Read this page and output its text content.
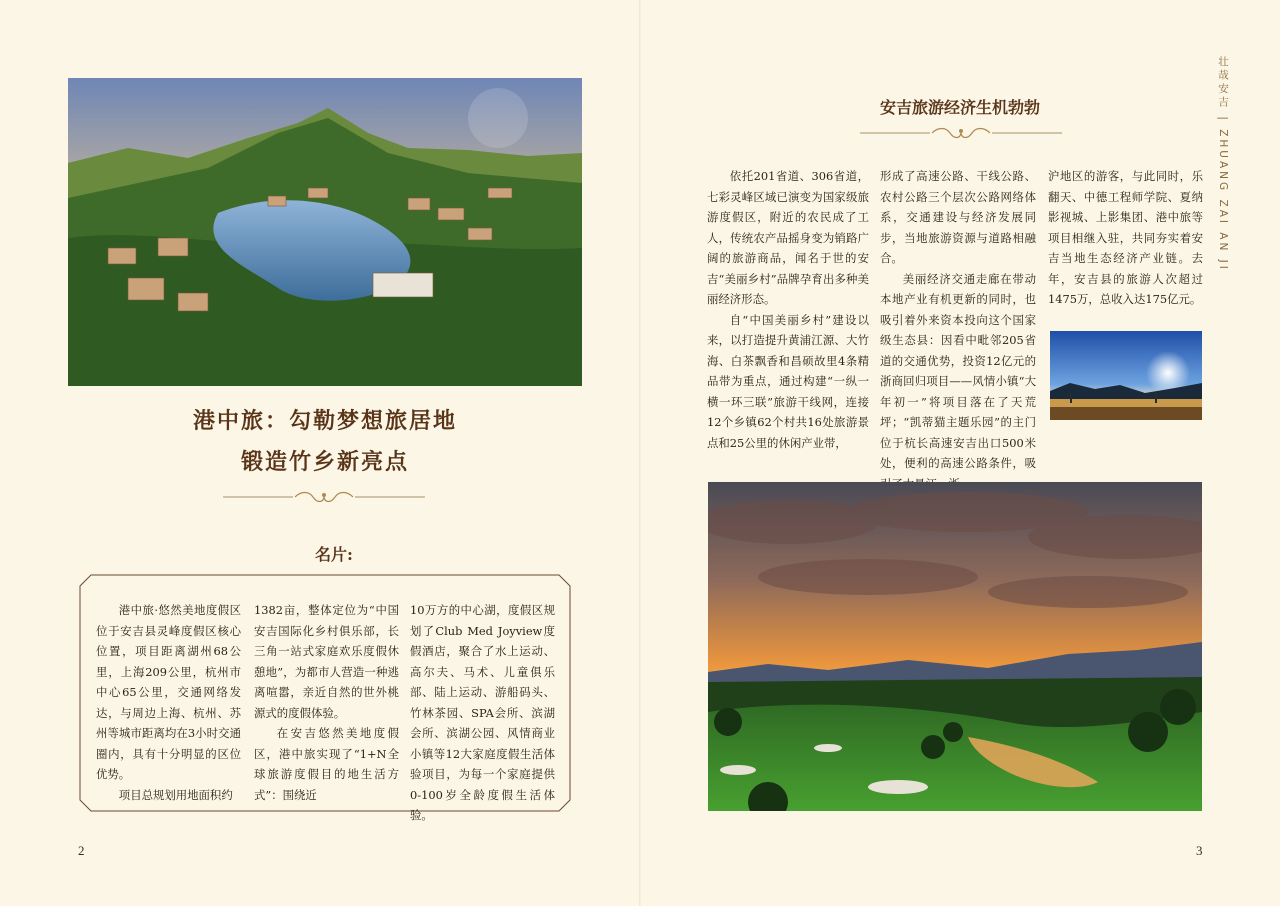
港中旅：勾勒梦想旅居地
锻造竹乡新亮点
名片:

港中旅·悠然美地度假区位于安吉县灵峰度假区核心位置，项目距离湖州68公里，上海209公里，杭州市中心65公里，交通网络发达，与周边上海、杭州、苏州等城市距离均在3小时交通圈内，具有十分明显的区位优势。

项目总规划用地面积约

1382亩，整体定位为“中国安吉国际化乡村俱乐部，长三角一站式家庭欢乐度假休憩地”，为都市人营造一种逃离喧嚣，亲近自然的世外桃源式的度假体验。

在安吉悠然美地度假区，港中旅实现了“1+N全球旅游度假目的地生活方式”：围绕近

10万方的中心湖，度假区规划了Club Med Joyview度假酒店，聚合了水上运动、高尔夫、马术、儿童俱乐部、陆上运动、游船码头、竹林茶园、SPA会所、滨湖会所、滨湖公园、风情商业小镇等12大家庭度假生活体验项目，为每一个家庭提供0-100岁全龄度假生活体验。

2
安吉旅游经济生机勃勃

依托201省道、306省道，七彩灵峰区域已演变为国家级旅游度假区，附近的农民成了工人，传统农产品摇身变为销路广阔的旅游商品，闻名于世的安吉“美丽乡村”品牌孕育出多种美丽经济形态。

自“中国美丽乡村”建设以来，以打造提升黄浦江源、大竹海、白茶飘香和昌硕故里4条精品带为重点，通过构建“一纵一横一环三联”旅游干线网，连接12个乡镇62个村共16处旅游景点和25公里的休闲产业带，

形成了高速公路、干线公路、农村公路三个层次公路网络体系，交通建设与经济发展同步，当地旅游资源与道路相融合。

美丽经济交通走廊在带动本地产业有机更新的同时，也吸引着外来资本投向这个国家级生态县：因看中毗邻205省道的交通优势，投资12亿元的浙商回归项目——风情小镇“大年初一”将项目落在了天荒坪；“凯蒂猫主题乐园”的主门位于杭长高速安吉出口500米处，便利的高速公路条件，吸

沪地区的游客，与此同时，乐翻天、中德工程师学院、夏纳影视城、上影集团、港中旅等项目相继入驻，共同夯实着安吉当地生态经济产业链。去年，安吉县的旅游人次超过1475万，总收入达175亿元。

壮哉安吉 | ZHUANG ZAI AN JI
3
